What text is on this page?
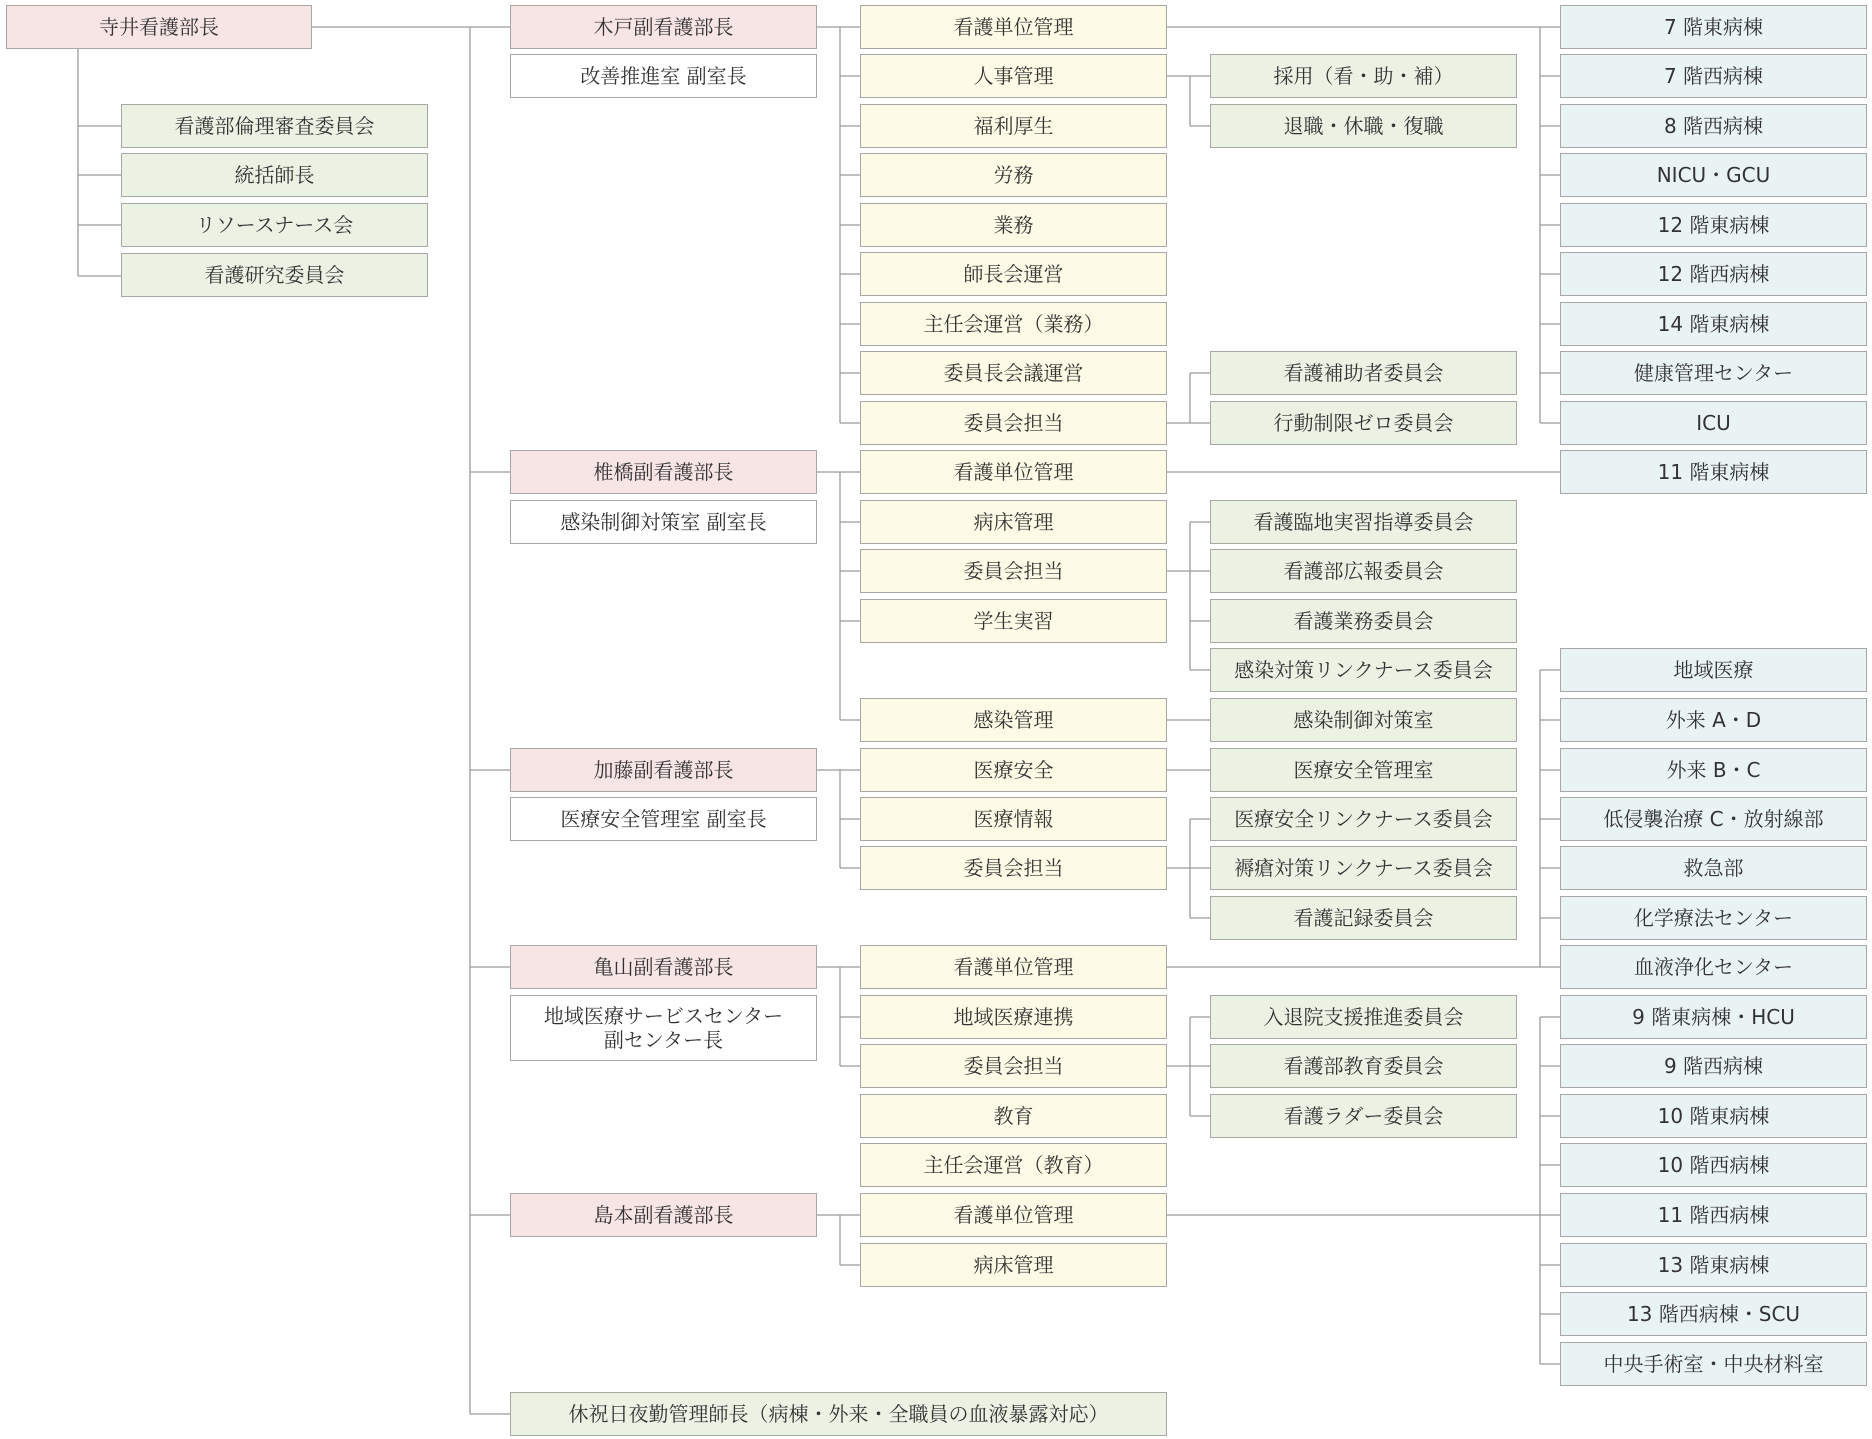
寺井看護部長
看護部倫理審査委員会
統括師長
リソースナース会
看護研究委員会
木戸副看護部長
改善推進室 副室長
椎橋副看護部長
感染制御対策室 副室長
加藤副看護部長
医療安全管理室 副室長
亀山副看護部長
地域医療サービスセンター
副センター長
島本副看護部長
休祝日夜勤管理師長（病棟・外来・全職員の血液暴露対応）
看護単位管理
人事管理
福利厚生
労務
業務
師長会運営
主任会運営（業務）
委員長会議運営
委員会担当
看護単位管理
病床管理
委員会担当
学生実習
感染管理
医療安全
医療情報
委員会担当
看護単位管理
地域医療連携
委員会担当
教育
主任会運営（教育）
看護単位管理
病床管理
採用（看・助・補）
退職・休職・復職
看護補助者委員会
行動制限ゼロ委員会
看護臨地実習指導委員会
看護部広報委員会
看護業務委員会
感染対策リンクナース委員会
感染制御対策室
医療安全管理室
医療安全リンクナース委員会
褥瘡対策リンクナース委員会
看護記録委員会
入退院支援推進委員会
看護部教育委員会
看護ラダー委員会
7 階東病棟
7 階西病棟
8 階西病棟
NICU・GCU
12 階東病棟
12 階西病棟
14 階東病棟
健康管理センター
ICU
11 階東病棟
地域医療
外来 A・D
外来 B・C
低侵襲治療 C・放射線部
救急部
化学療法センター
血液浄化センター
9 階東病棟・HCU
9 階西病棟
10 階東病棟
10 階西病棟
11 階西病棟
13 階東病棟
13 階西病棟・SCU
中央手術室・中央材料室
